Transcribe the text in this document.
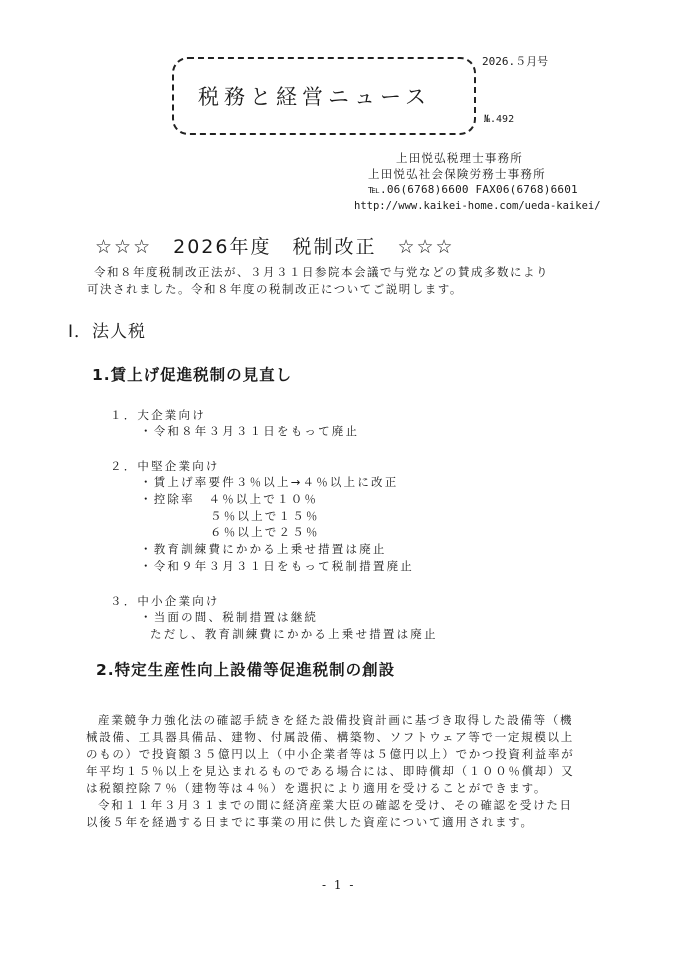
2026.５月号
税務と経営ニュース
№.492
上田悦弘税理士事務所
上田悦弘社会保険労務士事務所
℡.06(6768)6600 FAX06(6768)6601
http://www.kaikei-home.com/ueda-kaikei/
☆☆☆　2026年度　税制改正　☆☆☆
令和８年度税制改正法が、３月３１日参院本会議で与党などの賛成多数により
可決されました。令和８年度の税制改正についてご説明します。
Ⅰ．法人税
1.賃上げ促進税制の見直し
１．大企業向け
・令和８年３月３１日をもって廃止
２．中堅企業向け
・賃上げ率要件３％以上→４％以上に改正
・控除率　４％以上で１０％
５％以上で１５％
６％以上で２５％
・教育訓練費にかかる上乗せ措置は廃止
・令和９年３月３１日をもって税制措置廃止
３．中小企業向け
・当面の間、税制措置は継続
ただし、教育訓練費にかかる上乗せ措置は廃止
2.特定生産性向上設備等促進税制の創設
産業競争力強化法の確認手続きを経た設備投資計画に基づき取得した設備等（機
械設備、工具器具備品、建物、付属設備、構築物、ソフトウェア等で一定規模以上
のもの）で投資額３５億円以上（中小企業者等は５億円以上）でかつ投資利益率が
年平均１５％以上を見込まれるものである場合には、即時償却（１００％償却）又
は税額控除７％（建物等は４％）を選択により適用を受けることができます。
令和１１年３月３１までの間に経済産業大臣の確認を受け、その確認を受けた日
以後５年を経過する日までに事業の用に供した資産について適用されます。
- 1 -
